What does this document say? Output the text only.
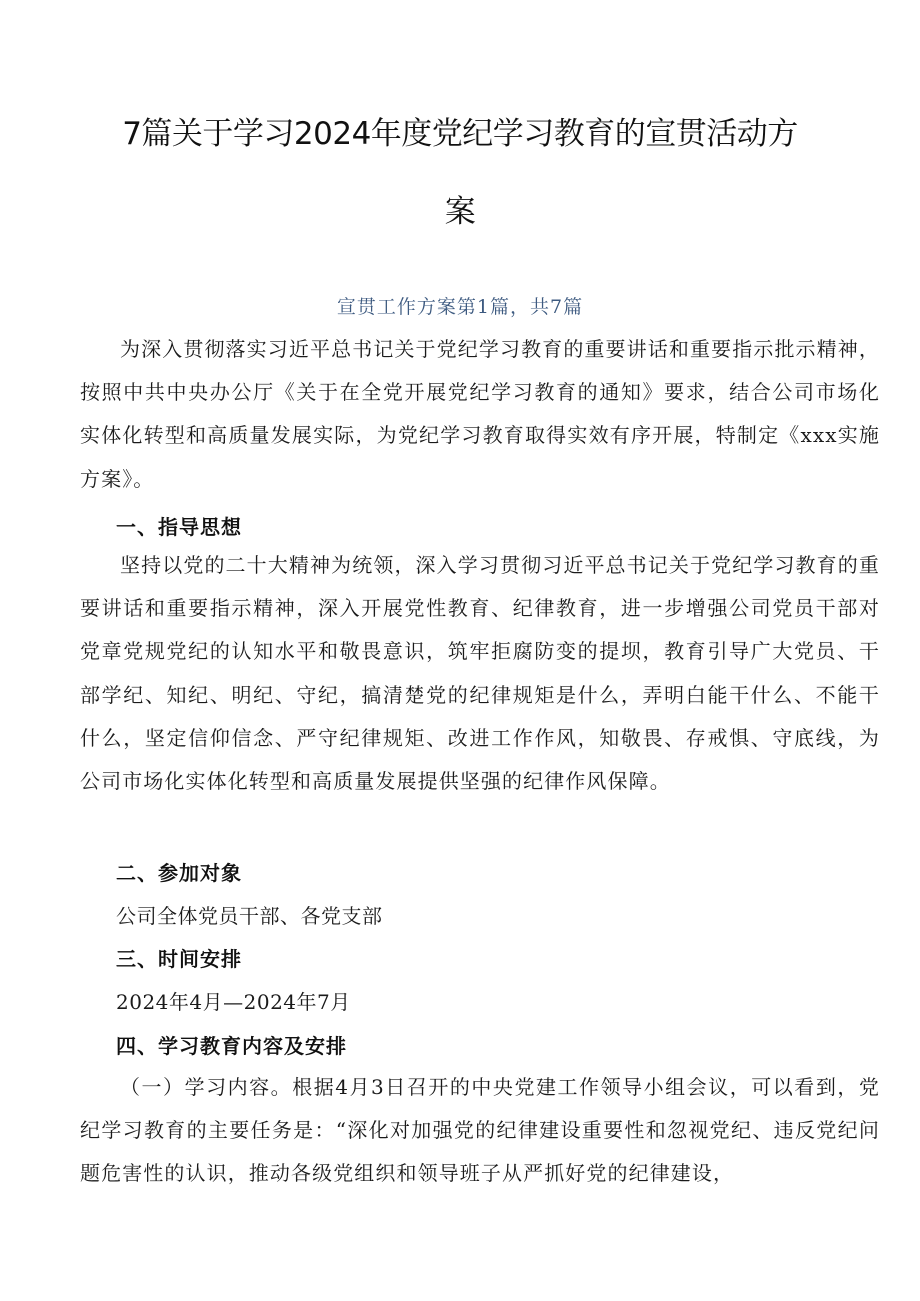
7篇关于学习2024年度党纪学习教育的宣贯活动方
案
宣贯工作方案第1篇，共7篇

为深入贯彻落实习近平总书记关于党纪学习教育的重要讲话和重要指示批示精神，按照中共中央办公厅《关于在全党开展党纪学习教育的通知》要求，结合公司市场化实体化转型和高质量发展实际，为党纪学习教育取得实效有序开展，特制定《xxx实施方案》。

一、指导思想

坚持以党的二十大精神为统领，深入学习贯彻习近平总书记关于党纪学习教育的重要讲话和重要指示精神，深入开展党性教育、纪律教育，进一步增强公司党员干部对党章党规党纪的认知水平和敬畏意识，筑牢拒腐防变的提坝，教育引导广大党员、干部学纪、知纪、明纪、守纪，搞清楚党的纪律规矩是什么，弄明白能干什么、不能干什么，坚定信仰信念、严守纪律规矩、改进工作作风，知敬畏、存戒惧、守底线，为公司市场化实体化转型和高质量发展提供坚强的纪律作风保障。

二、参加对象
公司全体党员干部、各党支部
三、时间安排
2024年4月—2024年7月
四、学习教育内容及安排

（一）学习内容。根据4月3日召开的中央党建工作领导小组会议，可以看到，党纪学习教育的主要任务是：“深化对加强党的纪律建设重要性和忽视党纪、违反党纪问题危害性的认识，推动各级党组织和领导班子从严抓好党的纪律建设，
